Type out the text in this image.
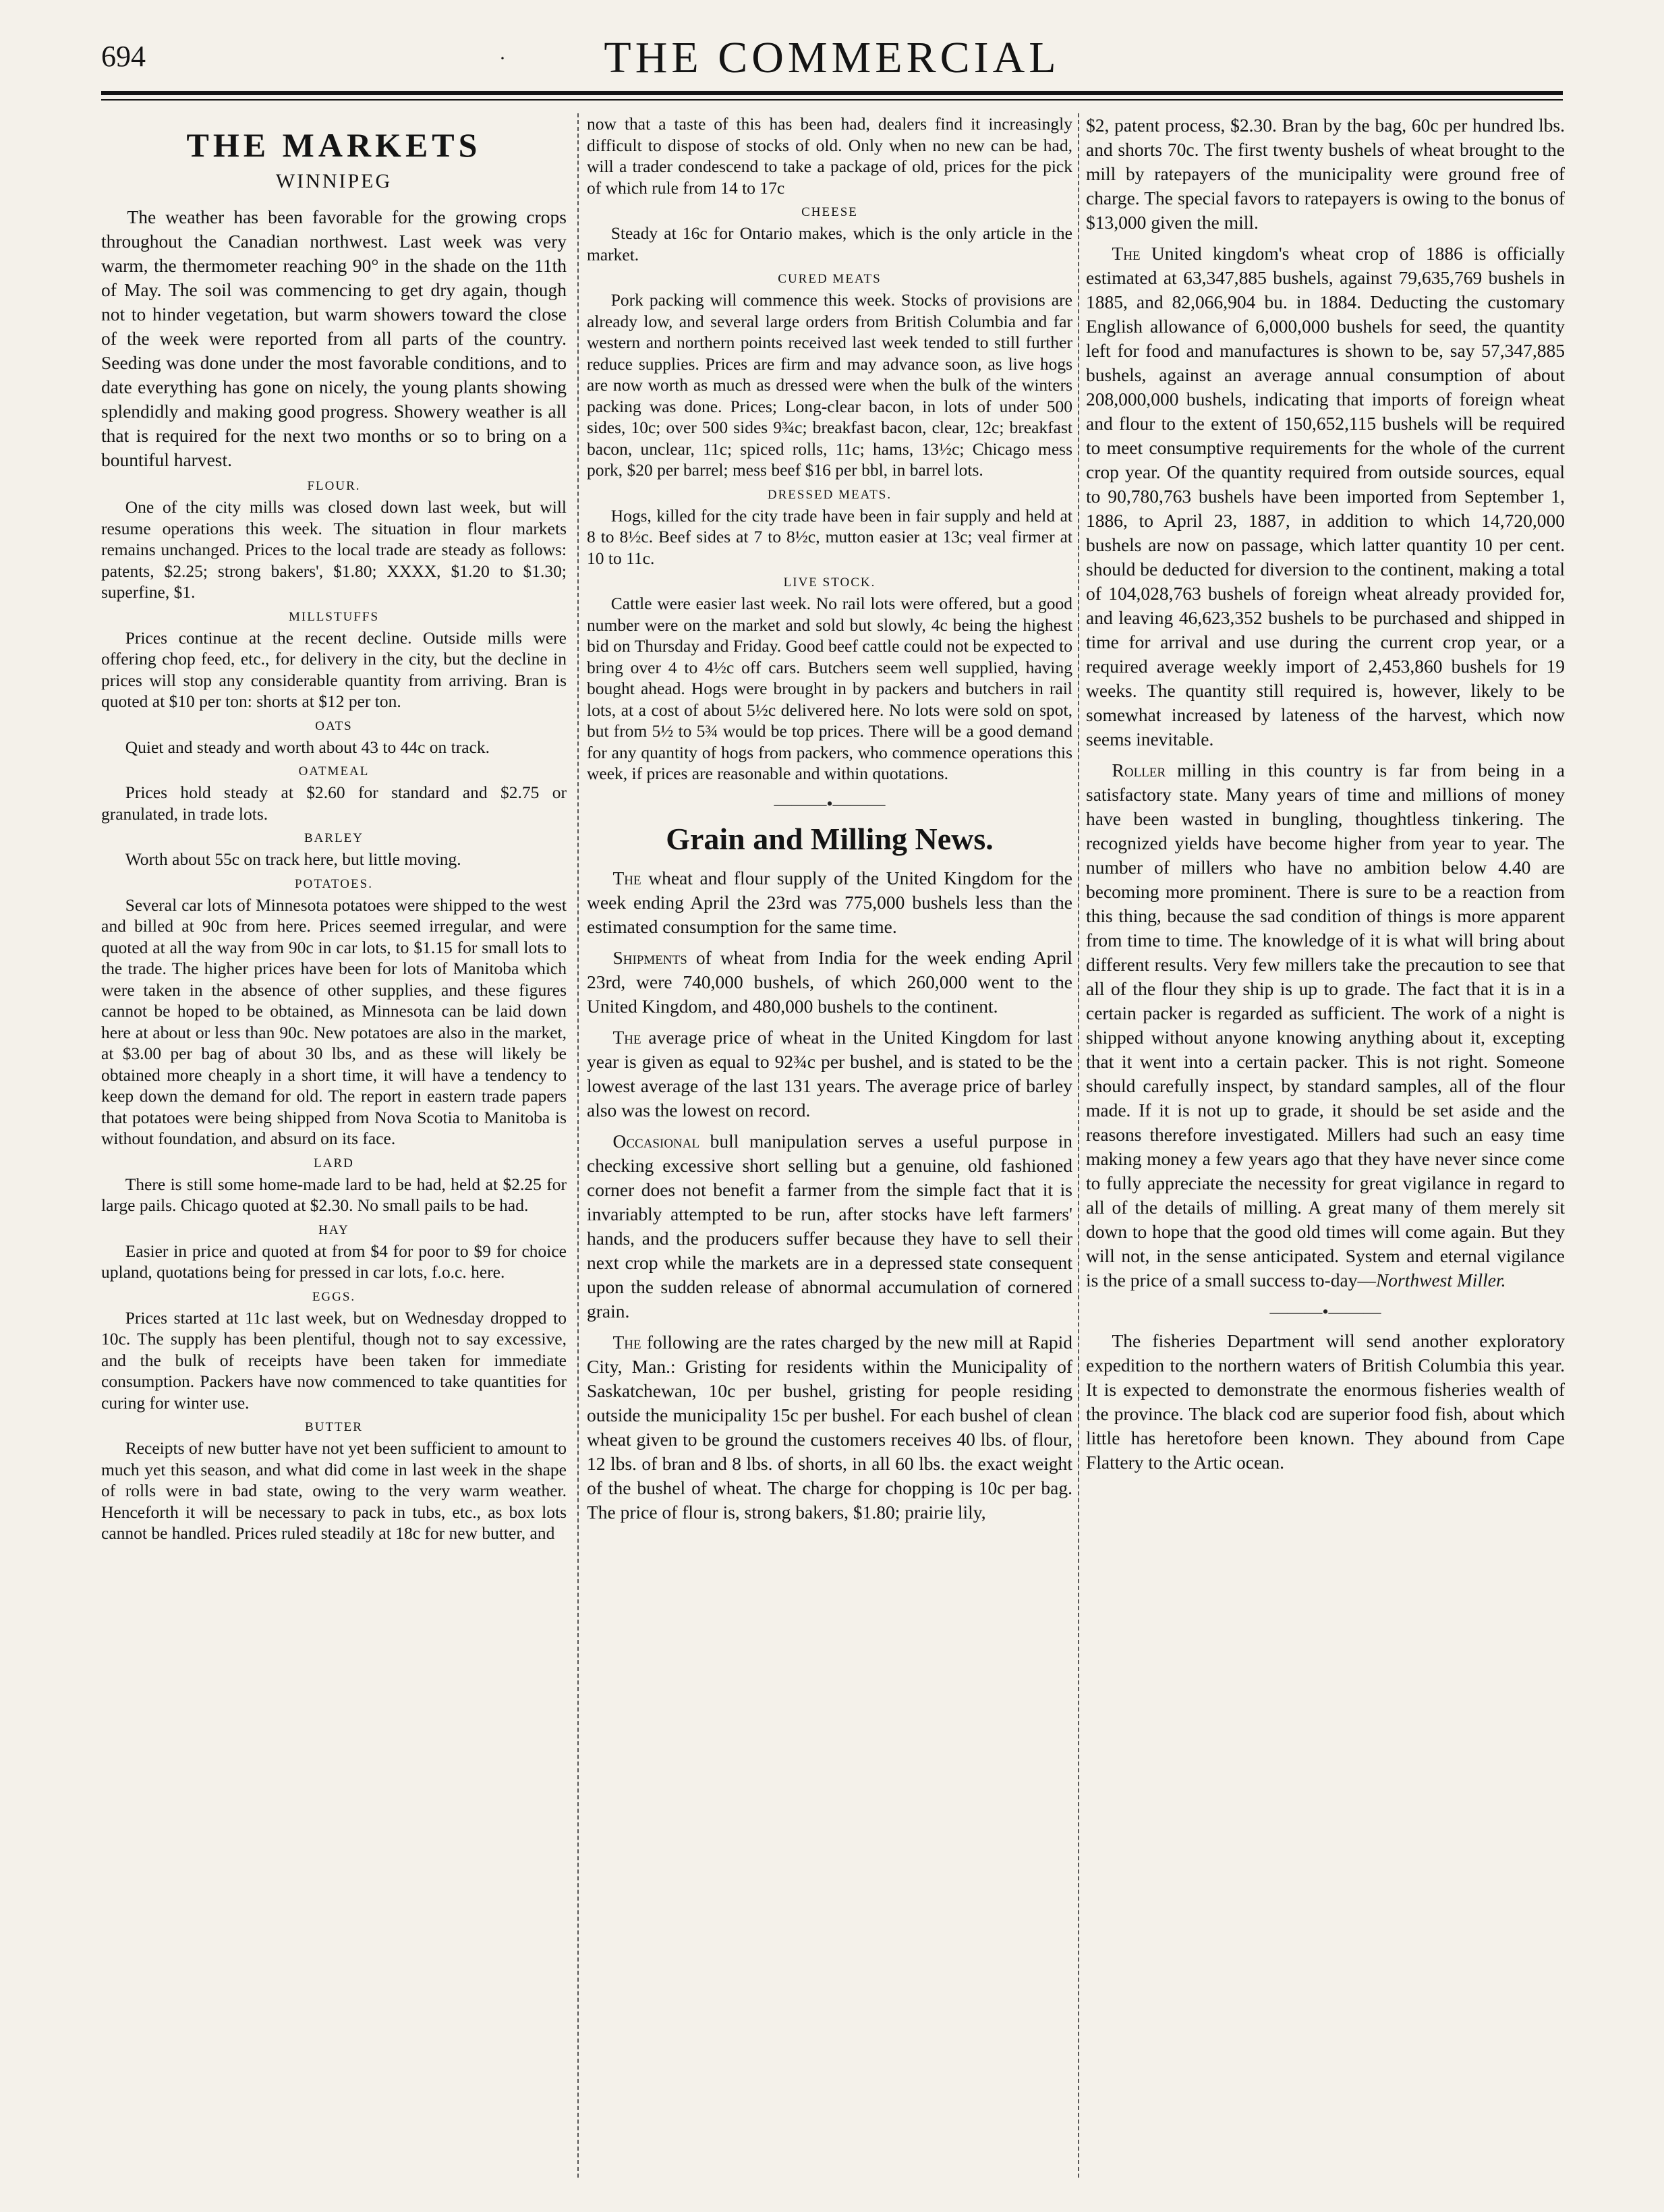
694	·	THE COMMERCIAL
THE MARKETS
WINNIPEG

The weather has been favorable for the growing crops throughout the Canadian northwest. Last week was very warm, the thermometer reaching 90° in the shade on the 11th of May. The soil was commencing to get dry again, though not to hinder vegetation, but warm showers toward the close of the week were reported from all parts of the country. Seeding was done under the most favorable conditions, and to date everything has gone on nicely, the young plants showing splendidly and making good progress. Showery weather is all that is required for the next two months or so to bring on a bountiful harvest.

FLOUR.

One of the city mills was closed down last week, but will resume operations this week. The situation in flour markets remains unchanged. Prices to the local trade are steady as follows: patents, $2.25; strong bakers', $1.80; XXXX, $1.20 to $1.30; superfine, $1.

MILLSTUFFS

Prices continue at the recent decline. Outside mills were offering chop feed, etc., for delivery in the city, but the decline in prices will stop any considerable quantity from arriving. Bran is quoted at $10 per ton: shorts at $12 per ton.

OATS

Quiet and steady and worth about 43 to 44c on track.

OATMEAL

Prices hold steady at $2.60 for standard and $2.75 or granulated, in trade lots.

BARLEY

Worth about 55c on track here, but little moving.

POTATOES.

Several car lots of Minnesota potatoes were shipped to the west and billed at 90c from here. Prices seemed irregular, and were quoted at all the way from 90c in car lots, to $1.15 for small lots to the trade. The higher prices have been for lots of Manitoba which were taken in the absence of other supplies, and these figures cannot be hoped to be obtained, as Minnesota can be laid down here at about or less than 90c. New potatoes are also in the market, at $3.00 per bag of about 30 lbs, and as these will likely be obtained more cheaply in a short time, it will have a tendency to keep down the demand for old. The report in eastern trade papers that potatoes were being shipped from Nova Scotia to Manitoba is without foundation, and absurd on its face.

LARD

There is still some home-made lard to be had, held at $2.25 for large pails. Chicago quoted at $2.30. No small pails to be had.

HAY

Easier in price and quoted at from $4 for poor to $9 for choice upland, quotations being for pressed in car lots, f.o.c. here.

EGGS.

Prices started at 11c last week, but on Wednesday dropped to 10c. The supply has been plentiful, though not to say excessive, and the bulk of receipts have been taken for immediate consumption. Packers have now commenced to take quantities for curing for winter use.

BUTTER

Receipts of new butter have not yet been sufficient to amount to much yet this season, and what did come in last week in the shape of rolls were in bad state, owing to the very warm weather. Henceforth it will be necessary to pack in tubs, etc., as box lots cannot be handled. Prices ruled steadily at 18c for new butter, and

now that a taste of this has been had, dealers find it increasingly difficult to dispose of stocks of old. Only when no new can be had, will a trader condescend to take a package of old, prices for the pick of which rule from 14 to 17c

CHEESE

Steady at 16c for Ontario makes, which is the only article in the market.

CURED MEATS

Pork packing will commence this week. Stocks of provisions are already low, and several large orders from British Columbia and far western and northern points received last week tended to still further reduce supplies. Prices are firm and may advance soon, as live hogs are now worth as much as dressed were when the bulk of the winters packing was done. Prices; Long-clear bacon, in lots of under 500 sides, 10c; over 500 sides 9¾c; breakfast bacon, clear, 12c; breakfast bacon, unclear, 11c; spiced rolls, 11c; hams, 13½c; Chicago mess pork, $20 per barrel; mess beef $16 per bbl, in barrel lots.

DRESSED MEATS.

Hogs, killed for the city trade have been in fair supply and held at 8 to 8½c. Beef sides at 7 to 8½c, mutton easier at 13c; veal firmer at 10 to 11c.

LIVE STOCK.

Cattle were easier last week. No rail lots were offered, but a good number were on the market and sold but slowly, 4c being the highest bid on Thursday and Friday. Good beef cattle could not be expected to bring over 4 to 4½c off cars. Butchers seem well supplied, having bought ahead. Hogs were brought in by packers and butchers in rail lots, at a cost of about 5½c delivered here. No lots were sold on spot, but from 5½ to 5¾ would be top prices. There will be a good demand for any quantity of hogs from packers, who commence operations this week, if prices are reasonable and within quotations.

———•———
Grain and Milling News.

The wheat and flour supply of the United Kingdom for the week ending April the 23rd was 775,000 bushels less than the estimated consumption for the same time.

Shipments of wheat from India for the week ending April 23rd, were 740,000 bushels, of which 260,000 went to the United Kingdom, and 480,000 bushels to the continent.

The average price of wheat in the United Kingdom for last year is given as equal to 92¾c per bushel, and is stated to be the lowest average of the last 131 years. The average price of barley also was the lowest on record.

Occasional bull manipulation serves a useful purpose in checking excessive short selling but a genuine, old fashioned corner does not benefit a farmer from the simple fact that it is invariably attempted to be run, after stocks have left farmers' hands, and the producers suffer because they have to sell their next crop while the markets are in a depressed state consequent upon the sudden release of abnormal accumulation of cornered grain.

The following are the rates charged by the new mill at Rapid City, Man.: Gristing for residents within the Municipality of Saskatchewan, 10c per bushel, gristing for people residing outside the municipality 15c per bushel. For each bushel of clean wheat given to be ground the customers receives 40 lbs. of flour, 12 lbs. of bran and 8 lbs. of shorts, in all 60 lbs. the exact weight of the bushel of wheat. The charge for chopping is 10c per bag. The price of flour is, strong bakers, $1.80; prairie lily,

$2, patent process, $2.30. Bran by the bag, 60c per hundred lbs. and shorts 70c. The first twenty bushels of wheat brought to the mill by ratepayers of the municipality were ground free of charge. The special favors to ratepayers is owing to the bonus of $13,000 given the mill.

The United kingdom's wheat crop of 1886 is officially estimated at 63,347,885 bushels, against 79,635,769 bushels in 1885, and 82,066,904 bu. in 1884. Deducting the customary English allowance of 6,000,000 bushels for seed, the quantity left for food and manufactures is shown to be, say 57,347,885 bushels, against an average annual consumption of about 208,000,000 bushels, indicating that imports of foreign wheat and flour to the extent of 150,652,115 bushels will be required to meet consumptive requirements for the whole of the current crop year. Of the quantity required from outside sources, equal to 90,780,763 bushels have been imported from September 1, 1886, to April 23, 1887, in addition to which 14,720,000 bushels are now on passage, which latter quantity 10 per cent. should be deducted for diversion to the continent, making a total of 104,028,763 bushels of foreign wheat already provided for, and leaving 46,623,352 bushels to be purchased and shipped in time for arrival and use during the current crop year, or a required average weekly import of 2,453,860 bushels for 19 weeks. The quantity still required is, however, likely to be somewhat increased by lateness of the harvest, which now seems inevitable.

Roller milling in this country is far from being in a satisfactory state. Many years of time and millions of money have been wasted in bungling, thoughtless tinkering. The recognized yields have become higher from year to year. The number of millers who have no ambition below 4.40 are becoming more prominent. There is sure to be a reaction from this thing, because the sad condition of things is more apparent from time to time. The knowledge of it is what will bring about different results. Very few millers take the precaution to see that all of the flour they ship is up to grade. The fact that it is in a certain packer is regarded as sufficient. The work of a night is shipped without anyone knowing anything about it, excepting that it went into a certain packer. This is not right. Someone should carefully inspect, by standard samples, all of the flour made. If it is not up to grade, it should be set aside and the reasons therefore investigated. Millers had such an easy time making money a few years ago that they have never since come to fully appreciate the necessity for great vigilance in regard to all of the details of milling. A great many of them merely sit down to hope that the good old times will come again. But they will not, in the sense anticipated. System and eternal vigilance is the price of a small success to-day—Northwest Miller.

———•———

The fisheries Department will send another exploratory expedition to the northern waters of British Columbia this year. It is expected to demonstrate the enormous fisheries wealth of the province. The black cod are superior food fish, about which little has heretofore been known. They abound from Cape Flattery to the Artic ocean.
